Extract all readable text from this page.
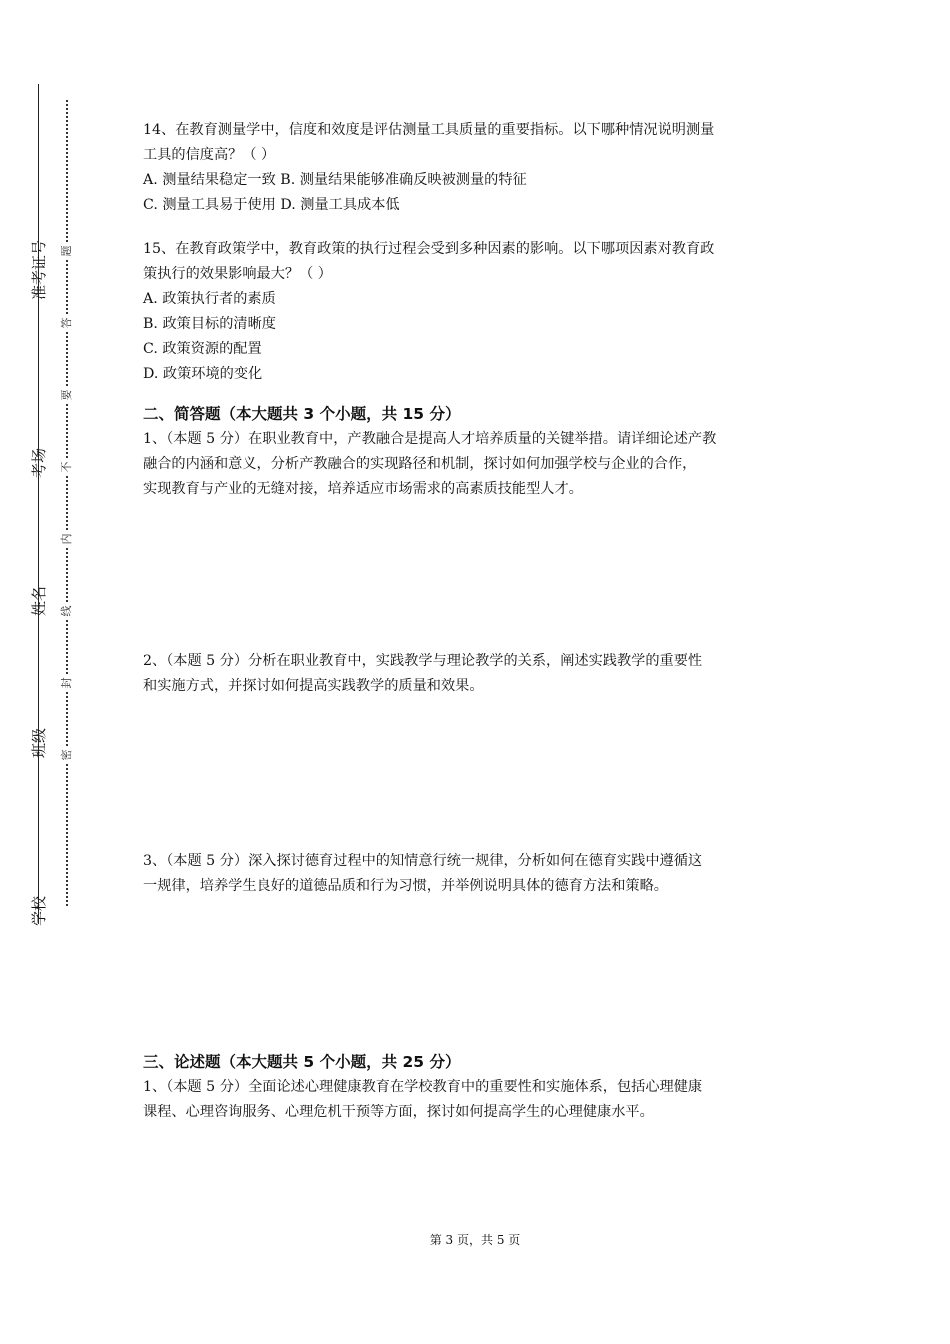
准考证号
考场
姓名
班级
学校
题
答
要
不
内
线
封
密

14、在教育测量学中，信度和效度是评估测量工具质量的重要指标。以下哪种情况说明测量

工具的信度高？（ ）

A. 测量结果稳定一致 B. 测量结果能够准确反映被测量的特征

C. 测量工具易于使用 D. 测量工具成本低

15、在教育政策学中，教育政策的执行过程会受到多种因素的影响。以下哪项因素对教育政

策执行的效果影响最大？（ ）

A. 政策执行者的素质

B. 政策目标的清晰度

C. 政策资源的配置

D. 政策环境的变化

二、简答题（本大题共 3 个小题，共 15 分）

1、（本题 5 分）在职业教育中，产教融合是提高人才培养质量的关键举措。请详细论述产教

融合的内涵和意义，分析产教融合的实现路径和机制，探讨如何加强学校与企业的合作，

实现教育与产业的无缝对接，培养适应市场需求的高素质技能型人才。

2、（本题 5 分）分析在职业教育中，实践教学与理论教学的关系，阐述实践教学的重要性

和实施方式，并探讨如何提高实践教学的质量和效果。

3、（本题 5 分）深入探讨德育过程中的知情意行统一规律，分析如何在德育实践中遵循这

一规律，培养学生良好的道德品质和行为习惯，并举例说明具体的德育方法和策略。

三、论述题（本大题共 5 个小题，共 25 分）

1、（本题 5 分）全面论述心理健康教育在学校教育中的重要性和实施体系，包括心理健康

课程、心理咨询服务、心理危机干预等方面，探讨如何提高学生的心理健康水平。

第 3 页，共 5 页
